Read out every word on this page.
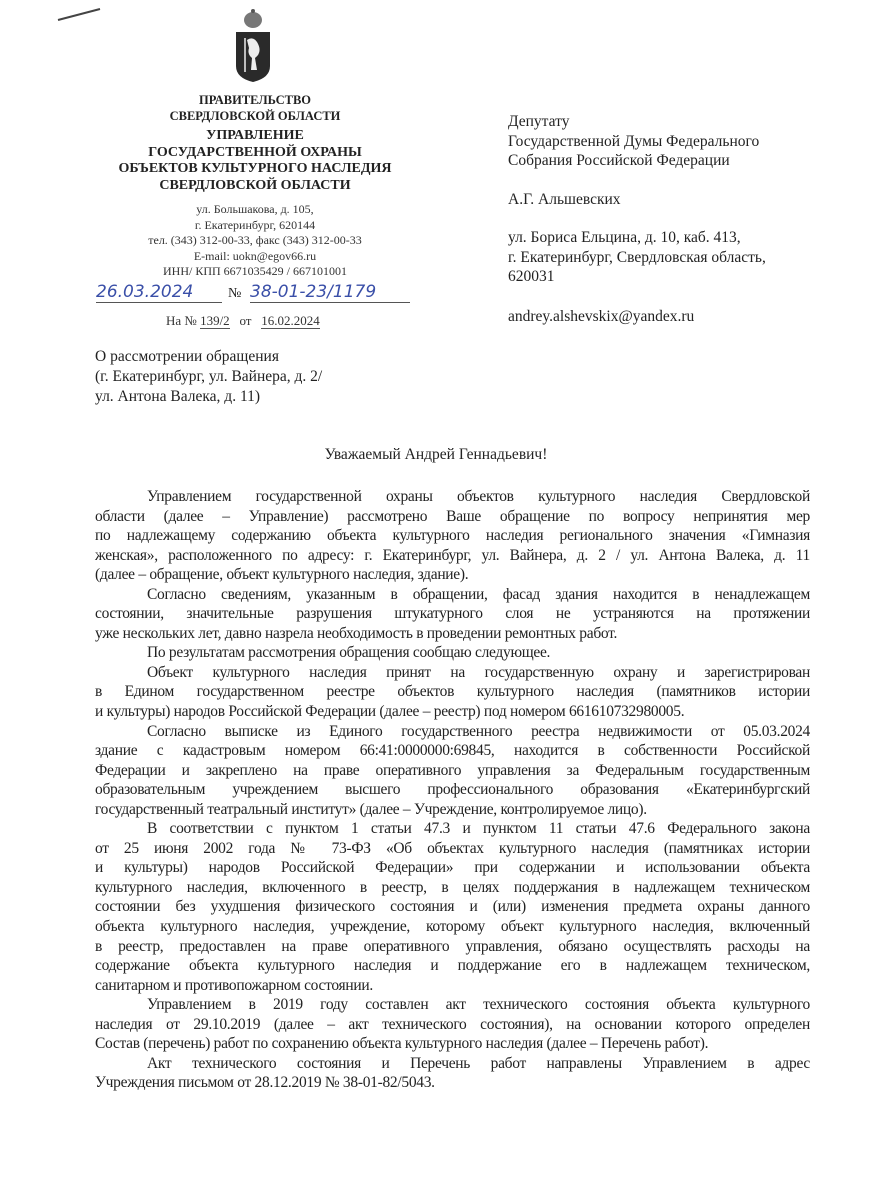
ПРАВИТЕЛЬСТВО
СВЕРДЛОВСКОЙ ОБЛАСТИ
УПРАВЛЕНИЕ
ГОСУДАРСТВЕННОЙ ОХРАНЫ
ОБЪЕКТОВ КУЛЬТУРНОГО НАСЛЕДИЯ
СВЕРДЛОВСКОЙ ОБЛАСТИ
ул. Большакова, д. 105,
г. Екатеринбург, 620144
тел. (343) 312-00-33, факс (343) 312-00-33
E-mail: uokn@egov66.ru
ИНН/ КПП 6671035429 / 667101001
26.03.2024	№ 38-01-23/1179
На № 139/2 от 16.02.2024
Депутату
Государственной Думы Федерального
Собрания Российской Федерации
А.Г. Альшевских
ул. Бориса Ельцина, д. 10, каб. 413,
г. Екатеринбург, Свердловская область,
620031
andrey.alshevskix@yandex.ru
О рассмотрении обращения
(г. Екатеринбург, ул. Вайнера, д. 2/
ул. Антона Валека, д. 11)
Уважаемый Андрей Геннадьевич!
Управлением государственной охраны объектов культурного наследия Свердловской
области (далее – Управление) рассмотрено Ваше обращение по вопросу непринятия мер
по надлежащему содержанию объекта культурного наследия регионального значения «Гимназия
женская», расположенного по адресу: г. Екатеринбург, ул. Вайнера, д. 2 / ул. Антона Валека, д. 11
(далее – обращение, объект культурного наследия, здание).
Согласно сведениям, указанным в обращении, фасад здания находится в ненадлежащем
состоянии, значительные разрушения штукатурного слоя не устраняются на протяжении
уже нескольких лет, давно назрела необходимость в проведении ремонтных работ.
По результатам рассмотрения обращения сообщаю следующее.
Объект культурного наследия принят на государственную охрану и зарегистрирован
в Едином государственном реестре объектов культурного наследия (памятников истории
и культуры) народов Российской Федерации (далее – реестр) под номером 661610732980005.
Согласно выписке из Единого государственного реестра недвижимости от 05.03.2024
здание с кадастровым номером 66:41:0000000:69845, находится в собственности Российской
Федерации и закреплено на праве оперативного управления за Федеральным государственным
образовательным учреждением высшего профессионального образования «Екатеринбургский
государственный театральный институт» (далее – Учреждение, контролируемое лицо).
В соответствии с пунктом 1 статьи 47.3 и пунктом 11 статьи 47.6 Федерального закона
от 25 июня 2002 года № 73-ФЗ «Об объектах культурного наследия (памятниках истории
и культуры) народов Российской Федерации» при содержании и использовании объекта
культурного наследия, включенного в реестр, в целях поддержания в надлежащем техническом
состоянии без ухудшения физического состояния и (или) изменения предмета охраны данного
объекта культурного наследия, учреждение, которому объект культурного наследия, включенный
в реестр, предоставлен на праве оперативного управления, обязано осуществлять расходы на
содержание объекта культурного наследия и поддержание его в надлежащем техническом,
санитарном и противопожарном состоянии.
Управлением в 2019 году составлен акт технического состояния объекта культурного
наследия от 29.10.2019 (далее – акт технического состояния), на основании которого определен
Состав (перечень) работ по сохранению объекта культурного наследия (далее – Перечень работ).
Акт технического состояния и Перечень работ направлены Управлением в адрес
Учреждения письмом от 28.12.2019 № 38-01-82/5043.
